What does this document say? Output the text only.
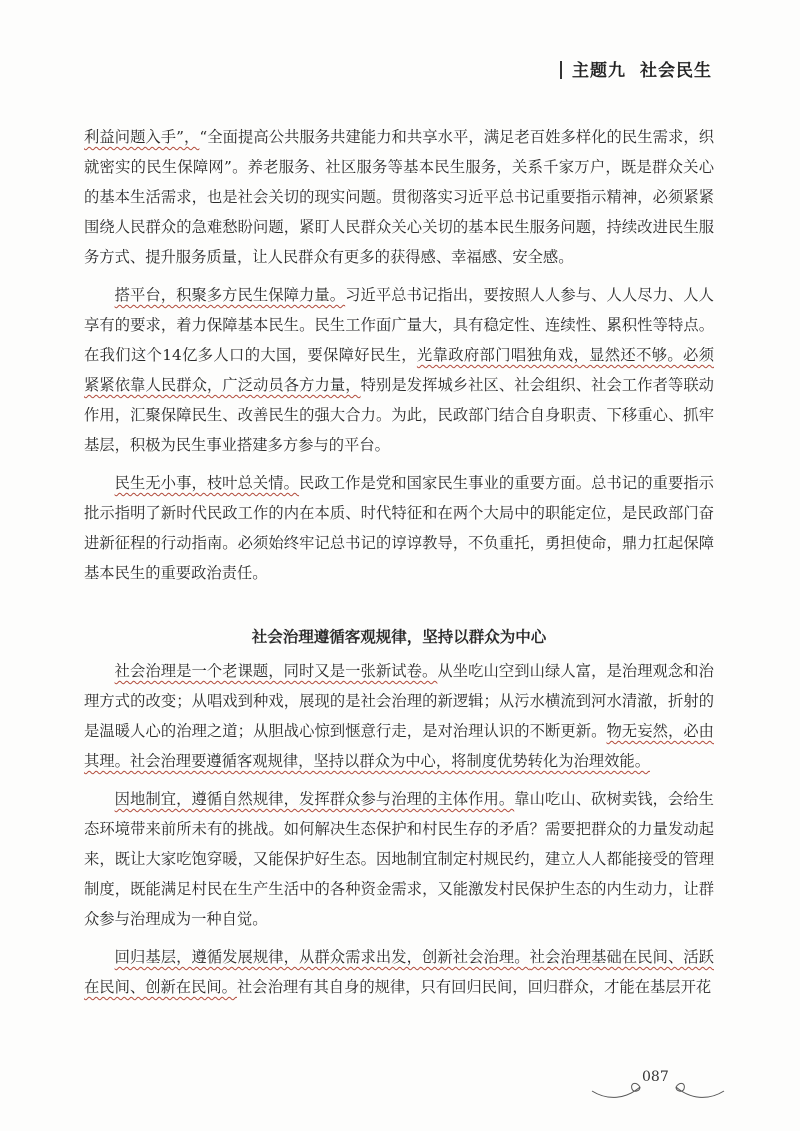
主题九 社会民生

利益问题入手”，“全面提高公共服务共建能力和共享水平，满足老百姓多样化的民生需求，织就密实的民生保障网”。养老服务、社区服务等基本民生服务，关系千家万户，既是群众关心的基本生活需求，也是社会关切的现实问题。贯彻落实习近平总书记重要指示精神，必须紧紧围绕人民群众的急难愁盼问题，紧盯人民群众关心关切的基本民生服务问题，持续改进民生服务方式、提升服务质量，让人民群众有更多的获得感、幸福感、安全感。

搭平台，积聚多方民生保障力量。习近平总书记指出，要按照人人参与、人人尽力、人人享有的要求，着力保障基本民生。民生工作面广量大，具有稳定性、连续性、累积性等特点。在我们这个14亿多人口的大国，要保障好民生，光靠政府部门唱独角戏，显然还不够。必须紧紧依靠人民群众，广泛动员各方力量，特别是发挥城乡社区、社会组织、社会工作者等联动作用，汇聚保障民生、改善民生的强大合力。为此，民政部门结合自身职责、下移重心、抓牢基层，积极为民生事业搭建多方参与的平台。

民生无小事，枝叶总关情。民政工作是党和国家民生事业的重要方面。总书记的重要指示批示指明了新时代民政工作的内在本质、时代特征和在两个大局中的职能定位，是民政部门奋进新征程的行动指南。必须始终牢记总书记的谆谆教导，不负重托，勇担使命，鼎力扛起保障基本民生的重要政治责任。

社会治理遵循客观规律，坚持以群众为中心

社会治理是一个老课题，同时又是一张新试卷。从坐吃山空到山绿人富，是治理观念和治理方式的改变；从唱戏到种戏，展现的是社会治理的新逻辑；从污水横流到河水清澈，折射的是温暖人心的治理之道；从胆战心惊到惬意行走，是对治理认识的不断更新。物无妄然，必由其理。社会治理要遵循客观规律，坚持以群众为中心，将制度优势转化为治理效能。

因地制宜，遵循自然规律，发挥群众参与治理的主体作用。靠山吃山、砍树卖钱，会给生态环境带来前所未有的挑战。如何解决生态保护和村民生存的矛盾？需要把群众的力量发动起来，既让大家吃饱穿暖，又能保护好生态。因地制宜制定村规民约，建立人人都能接受的管理制度，既能满足村民在生产生活中的各种资金需求，又能激发村民保护生态的内生动力，让群众参与治理成为一种自觉。

回归基层，遵循发展规律，从群众需求出发，创新社会治理。社会治理基础在民间、活跃在民间、创新在民间。社会治理有其自身的规律，只有回归民间，回归群众，才能在基层开花

087
